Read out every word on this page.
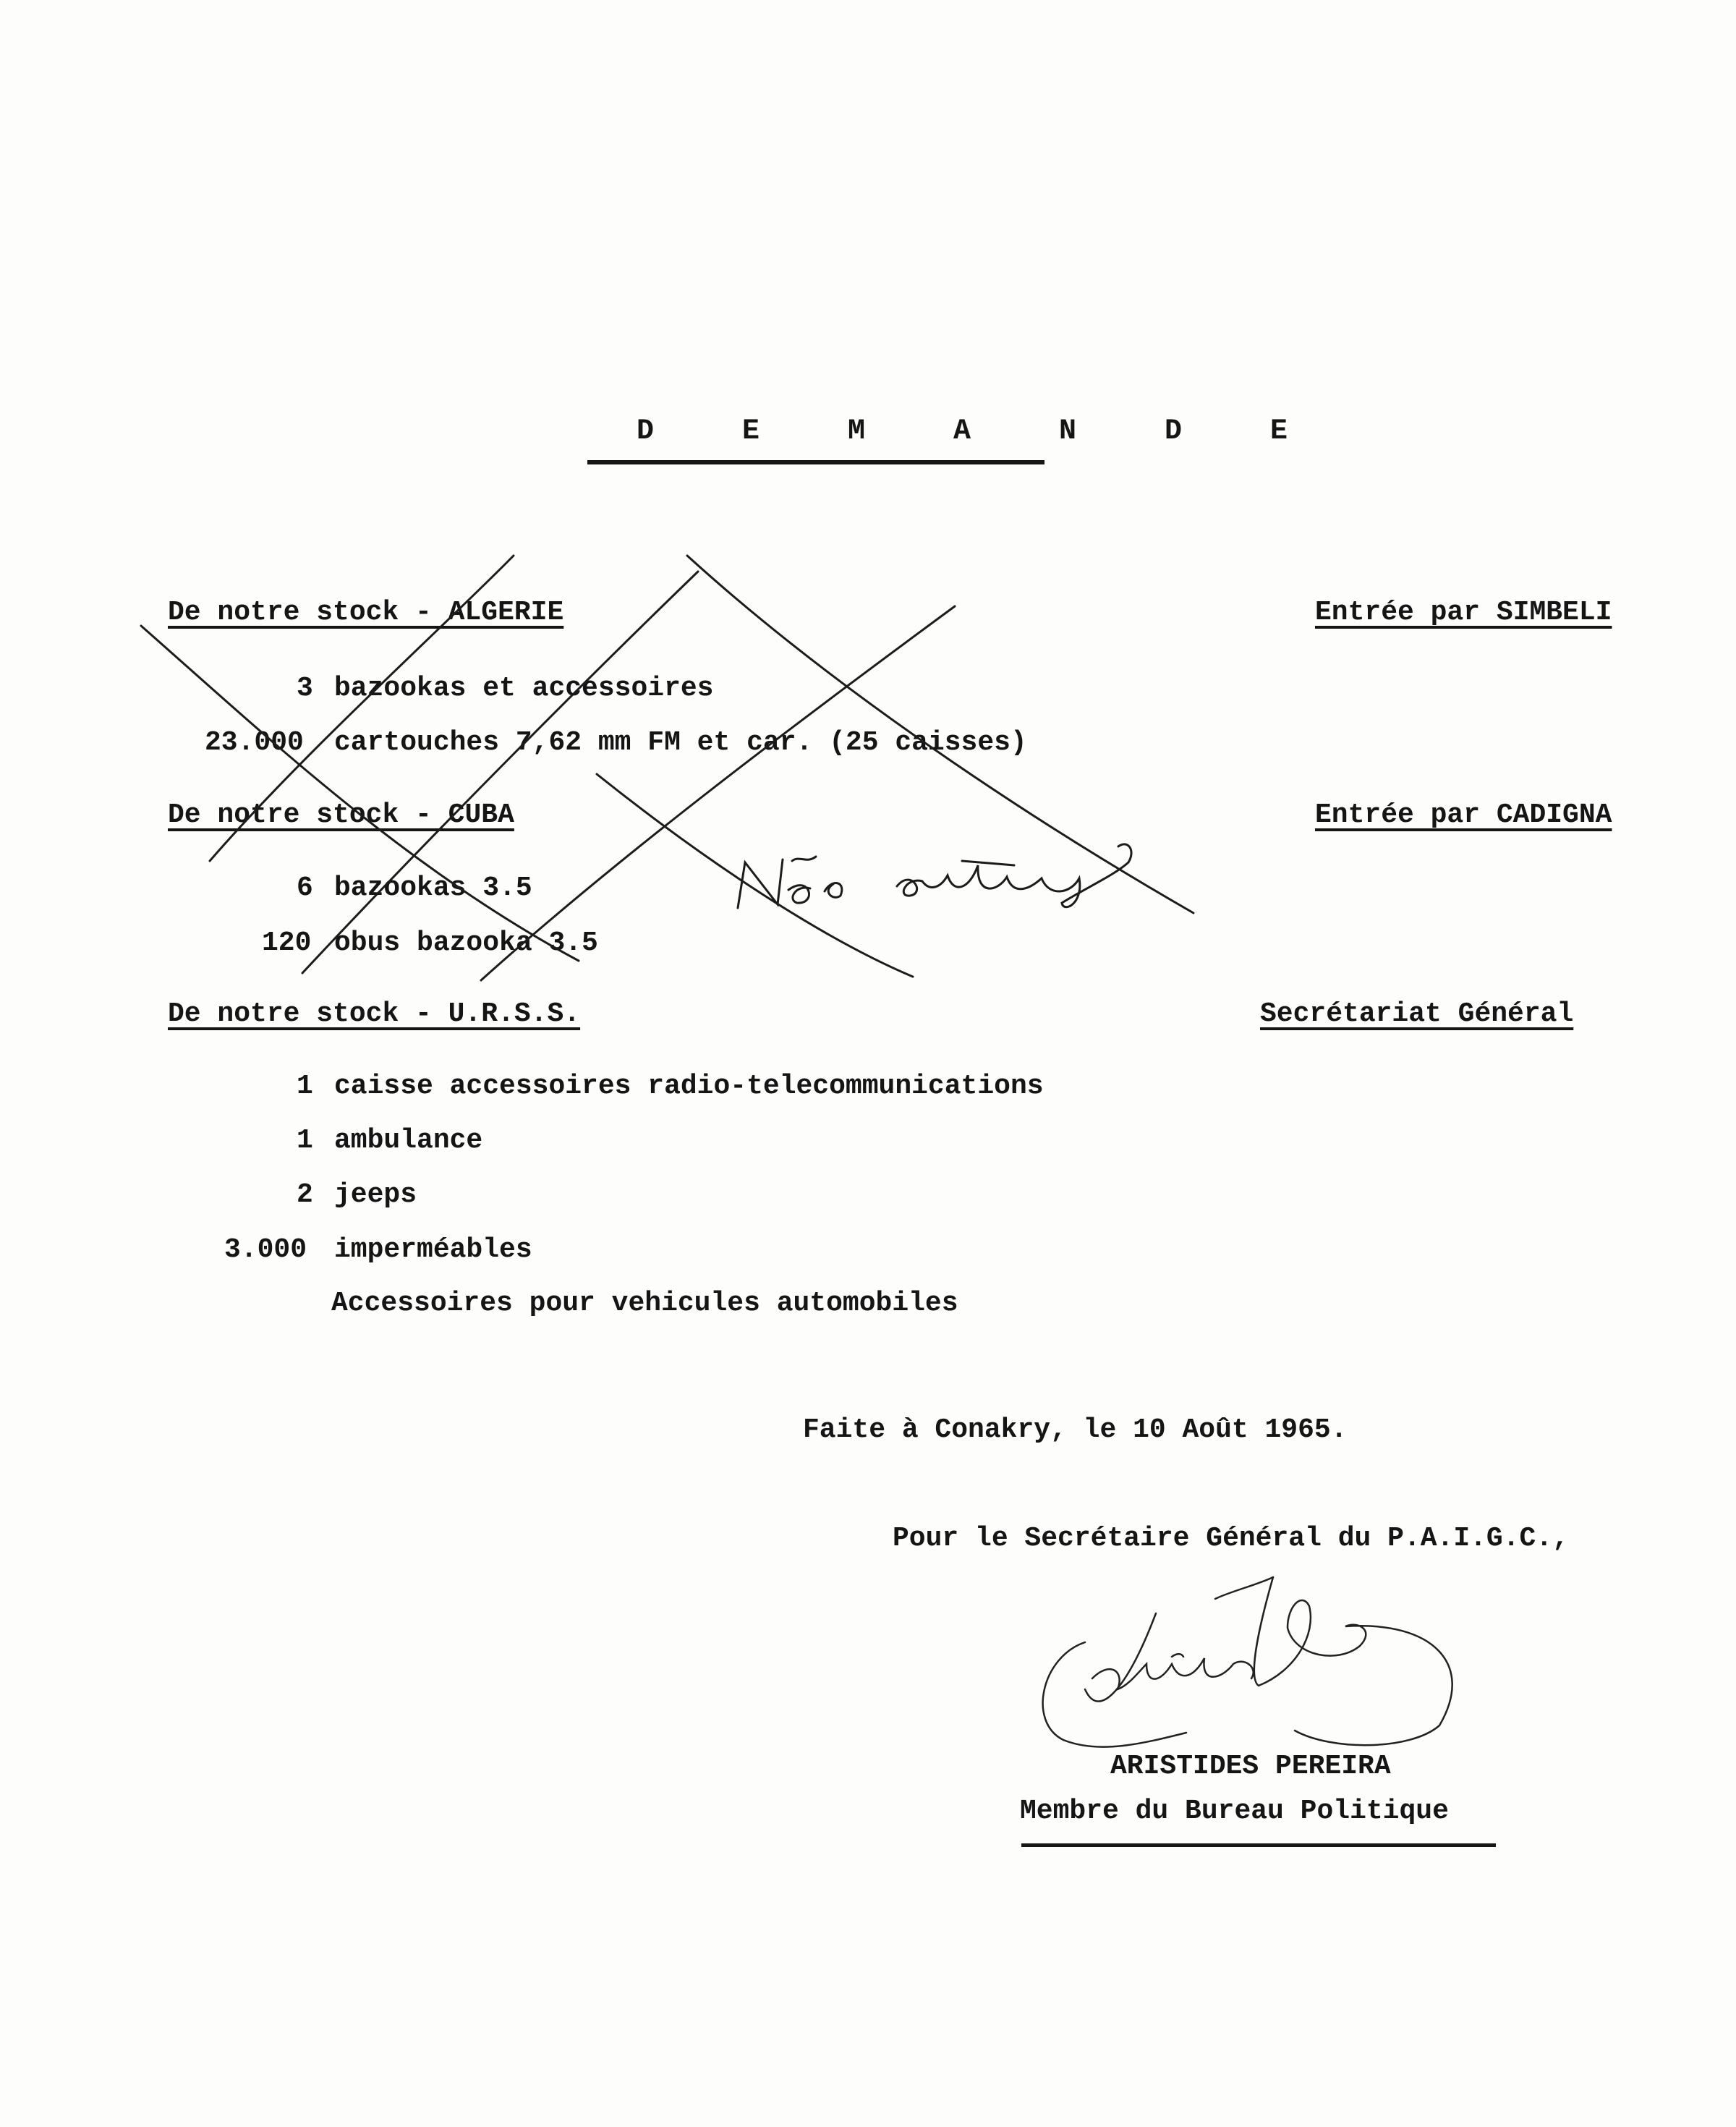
D E M A N D E
De notre stock - ALGERIE	Entrée par SIMBELI
3 bazookas et accessoires
23.000 cartouches 7,62 mm FM et car. (25 caisses)
De notre stock - CUBA	Entrée par CADIGNA
6 bazookas 3.5
120 obus bazooka 3.5
De notre stock - U.R.S.S.	Secrétariat Général
1 caisse accessoires radio-telecommunications
1 ambulance
2 jeeps
3.000 imperméables
Accessoires pour vehicules automobiles
Faite à Conakry, le 10 Août 1965.
Pour le Secrétaire Général du P.A.I.G.C.,
ARISTIDES PEREIRA
Membre du Bureau Politique
